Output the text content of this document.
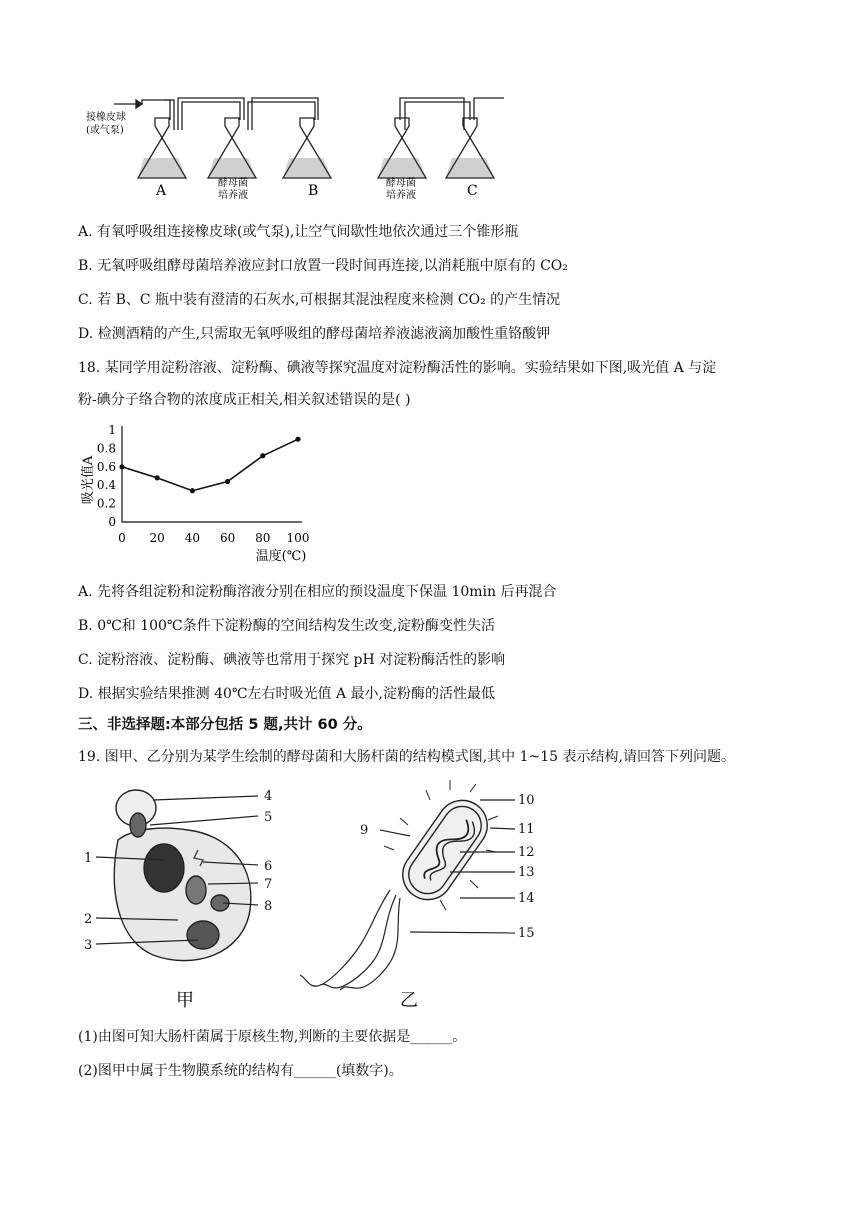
接橡皮球
(或气泵)
A	酵母菌
培养液	B	酵母菌
培养液	C
A. 有氧呼吸组连接橡皮球(或气泵),让空气间歇性地依次通过三个锥形瓶
B. 无氧呼吸组酵母菌培养液应封口放置一段时间再连接,以消耗瓶中原有的 CO₂
C. 若 B、C 瓶中装有澄清的石灰水,可根据其混浊程度来检测 CO₂ 的产生情况
D. 检测酒精的产生,只需取无氧呼吸组的酵母菌培养液滤液滴加酸性重铬酸钾
18. 某同学用淀粉溶液、淀粉酶、碘液等探究温度对淀粉酶活性的影响。实验结果如下图,吸光值 A 与淀
粉-碘分子络合物的浓度成正相关,相关叙述错误的是( )
0
0.2
0.4
0.6
0.8
1
0 20 40 60 80 100
吸光值A
温度(℃)
A. 先将各组淀粉和淀粉酶溶液分别在相应的预设温度下保温 10min 后再混合
B. 0℃和 100℃条件下淀粉酶的空间结构发生改变,淀粉酶变性失活
C. 淀粉溶液、淀粉酶、碘液等也常用于探究 pH 对淀粉酶活性的影响
D. 根据实验结果推测 40℃左右时吸光值 A 最小,淀粉酶的活性最低
三、非选择题:本部分包括 5 题,共计 60 分。
19. 图甲、乙分别为某学生绘制的酵母菌和大肠杆菌的结构模式图,其中 1~15 表示结构,请回答下列问题。
4
5
1
6
7
8
2
3
甲
9
10
11
12
13
14
15
乙
(1)由图可知大肠杆菌属于原核生物,判断的主要依据是______。
(2)图甲中属于生物膜系统的结构有______(填数字)。
